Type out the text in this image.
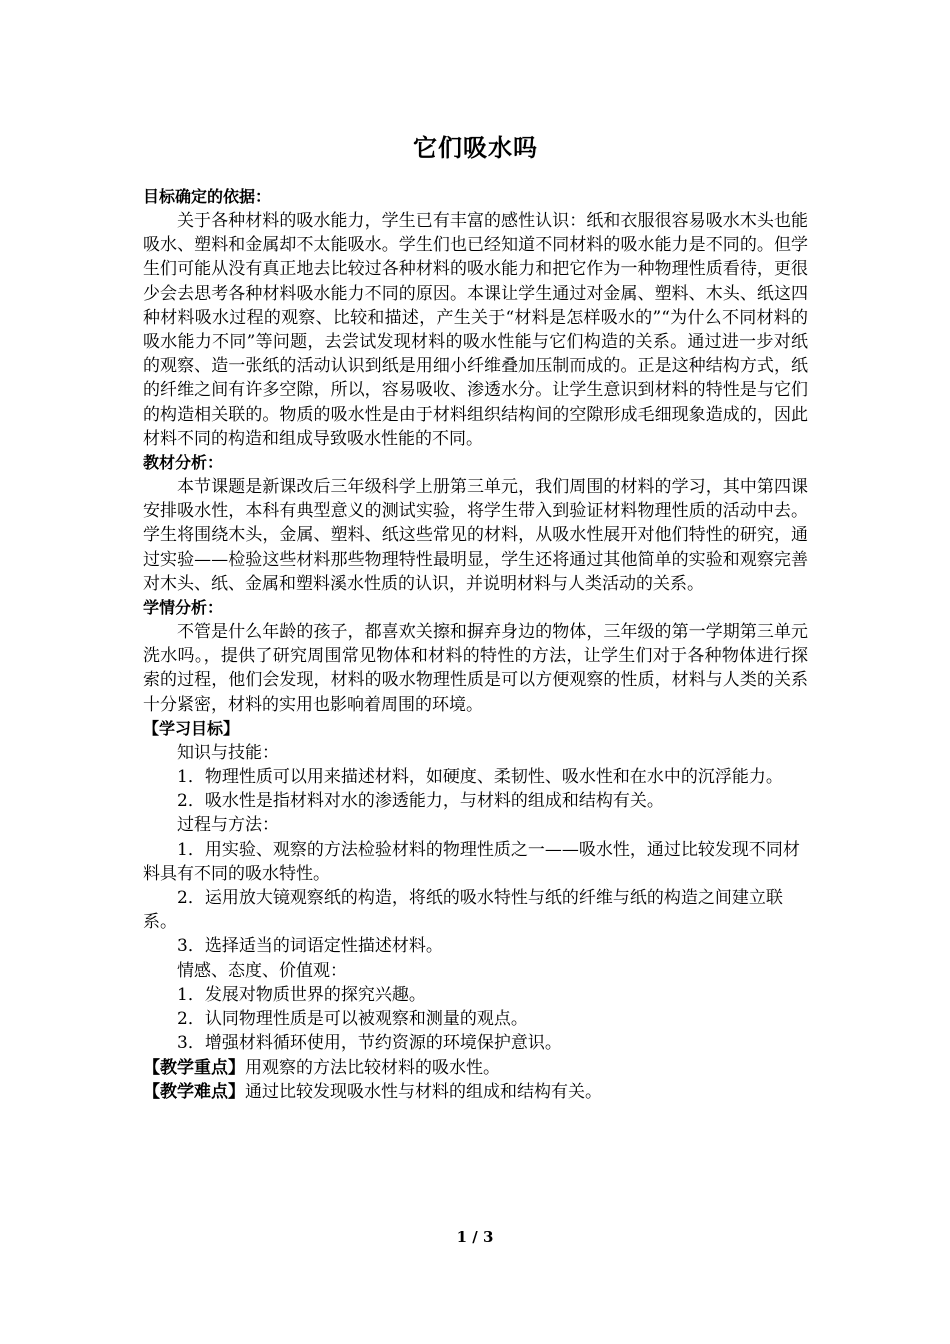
它们吸水吗

目标确定的依据：

关于各种材料的吸水能力，学生已有丰富的感性认识：纸和衣服很容易吸水木头也能吸水、塑料和金属却不太能吸水。学生们也已经知道不同材料的吸水能力是不同的。但学生们可能从没有真正地去比较过各种材料的吸水能力和把它作为一种物理性质看待，更很少会去思考各种材料吸水能力不同的原因。本课让学生通过对金属、塑料、木头、纸这四种材料吸水过程的观察、比较和描述，产生关于“材料是怎样吸水的”“为什么不同材料的吸水能力不同”等问题，去尝试发现材料的吸水性能与它们构造的关系。通过进一步对纸的观察、造一张纸的活动认识到纸是用细小纤维叠加压制而成的。正是这种结构方式，纸的纤维之间有许多空隙，所以，容易吸收、渗透水分。让学生意识到材料的特性是与它们的构造相关联的。物质的吸水性是由于材料组织结构间的空隙形成毛细现象造成的，因此材料不同的构造和组成导致吸水性能的不同。

教材分析：

本节课题是新课改后三年级科学上册第三单元，我们周围的材料的学习，其中第四课安排吸水性，本科有典型意义的测试实验，将学生带入到验证材料物理性质的活动中去。学生将围绕木头，金属、塑料、纸这些常见的材料，从吸水性展开对他们特性的研究，通过实验——检验这些材料那些物理特性最明显，学生还将通过其他简单的实验和观察完善对木头、纸、金属和塑料溪水性质的认识，并说明材料与人类活动的关系。

学情分析：

不管是什么年龄的孩子，都喜欢关擦和摒弃身边的物体，三年级的第一学期第三单元洗水吗。，提供了研究周围常见物体和材料的特性的方法，让学生们对于各种物体进行探索的过程，他们会发现，材料的吸水物理性质是可以方便观察的性质，材料与人类的关系十分紧密，材料的实用也影响着周围的环境。

【学习目标】

知识与技能：

1．物理性质可以用来描述材料，如硬度、柔韧性、吸水性和在水中的沉浮能力。

2．吸水性是指材料对水的渗透能力，与材料的组成和结构有关。

过程与方法：

1．用实验、观察的方法检验材料的物理性质之一——吸水性，通过比较发现不同材料具有不同的吸水特性。

2．运用放大镜观察纸的构造，将纸的吸水特性与纸的纤维与纸的构造之间建立联系。

3．选择适当的词语定性描述材料。

情感、态度、价值观：

1．发展对物质世界的探究兴趣。

2．认同物理性质是可以被观察和测量的观点。

3．增强材料循环使用，节约资源的环境保护意识。

【教学重点】用观察的方法比较材料的吸水性。

【教学难点】通过比较发现吸水性与材料的组成和结构有关。

1 / 3
